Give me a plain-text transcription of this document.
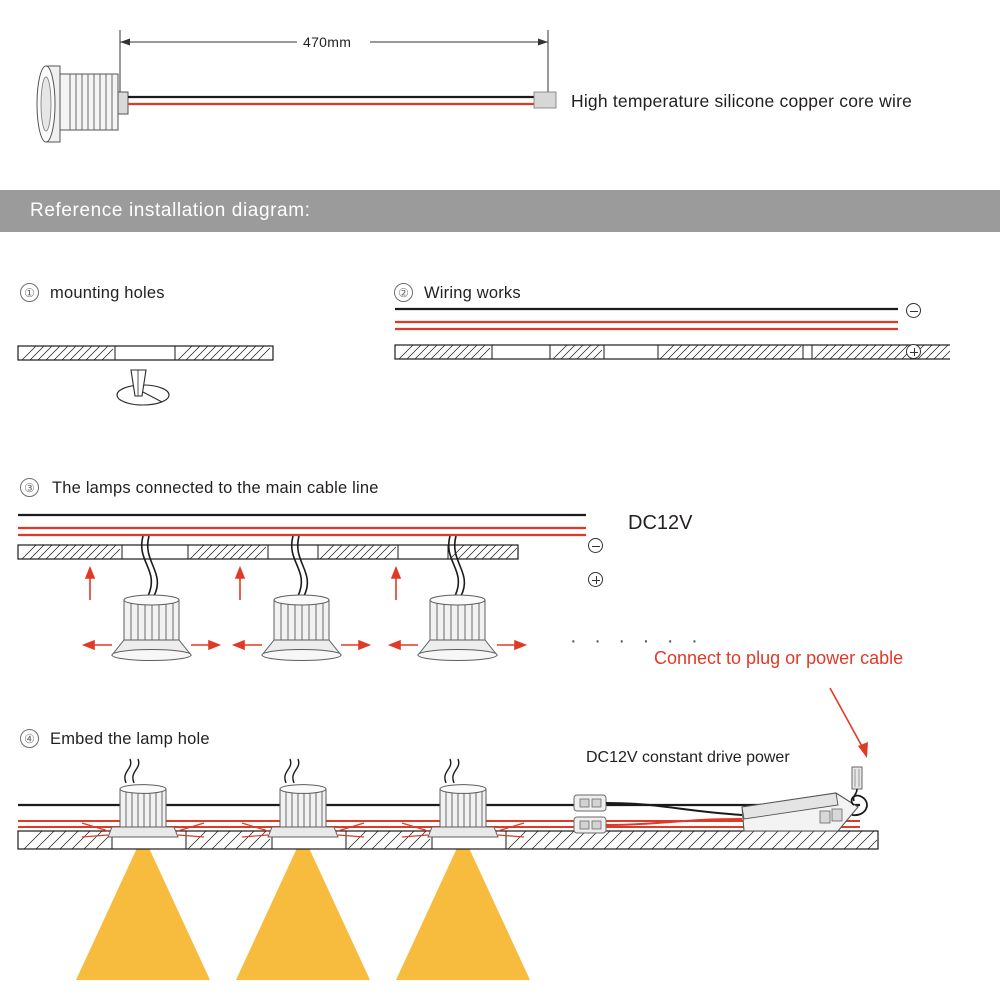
470mm
High temperature silicone copper core wire
Reference installation diagram:
① mounting holes	② Wiring works
③ The lamps connected to the main cable line
DC12V
· · · · · ·
Connect to plug or power cable
④ Embed the lamp hole
DC12V constant drive power
